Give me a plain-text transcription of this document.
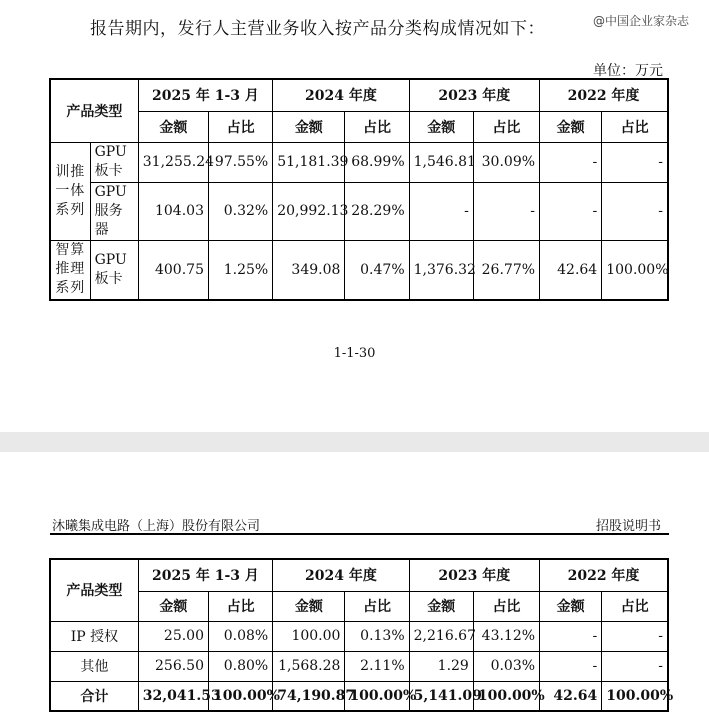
报告期内，发行人主营业务收入按产品分类构成情况如下：	@中国企业家杂志
单位：万元
产品类型		2025 年 1-3 月		2024 年度		2023 年度		2022 年度	
		金额	占比	金额	占比	金额	占比	金额	占比
训推一体系列	GPU 板卡	31,255.24	97.55%	51,181.39	68.99%	1,546.81	30.09%	-	-
	GPU 服务器	104.03	0.32%	20,992.13	28.29%	-	-	-	-
智算推理系列	GPU 板卡	400.75	1.25%	349.08	0.47%	1,376.32	26.77%	42.64	100.00%
1-1-30
沐曦集成电路（上海）股份有限公司	招股说明书
产品类型	2025 年 1-3 月		2024 年度		2023 年度		2022 年度	
	金额	占比	金额	占比	金额	占比	金额	占比
IP 授权	25.00	0.08%	100.00	0.13%	2,216.67	43.12%	-	-
其他	256.50	0.80%	1,568.28	2.11%	1.29	0.03%	-	-
合计	32,041.53	100.00%	74,190.87	100.00%	5,141.09	100.00%	42.64	100.00%
